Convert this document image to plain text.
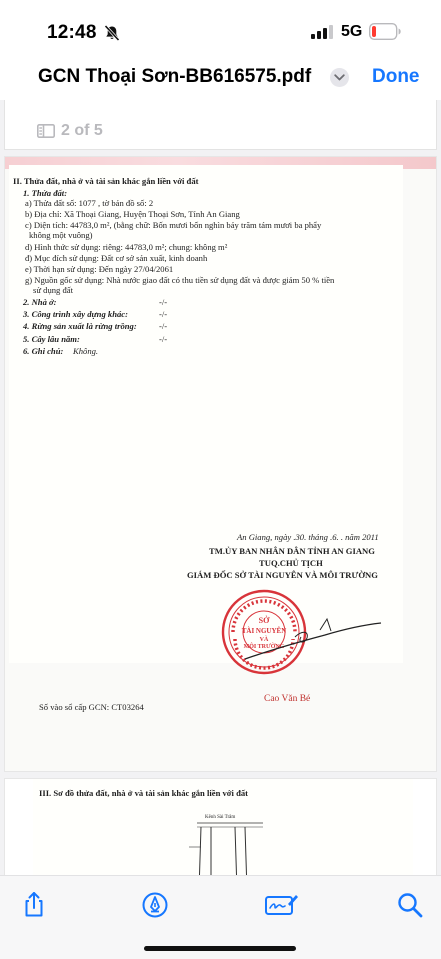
12:48	5G
GCN Thoại Sơn-BB616575.pdf	Done
2 of 5
II. Thửa đất, nhà ở và tài sản khác gắn liền với đất
1. Thửa đất:
a) Thửa đất số: 1077 , tờ bản đồ số: 2
b) Địa chỉ: Xã Thoại Giang, Huyện Thoại Sơn, Tỉnh An Giang
c) Diện tích: 44783,0 m², (bằng chữ: Bốn mươi bốn nghìn bảy trăm tám mươi ba phẩy
không một vuông)
d) Hình thức sử dụng: riêng: 44783,0 m²; chung: không m²
đ) Mục đích sử dụng: Đất cơ sở sản xuất, kinh doanh
e) Thời hạn sử dụng: Đến ngày 27/04/2061
g) Nguồn gốc sử dụng: Nhà nước giao đất có thu tiền sử dụng đất và được giảm 50 % tiền
sử dụng đất
2. Nhà ở:	-/-
3. Công trình xây dựng khác:	-/-
4. Rừng sản xuất là rừng trồng:	-/-
5. Cây lâu năm:	-/-
6. Ghi chú: Không.
An Giang, ngày .30. tháng .6. . năm 2011
TM.ỦY BAN NHÂN DÂN TỈNH AN GIANG
TUQ.CHỦ TỊCH
GIÁM ĐỐC SỞ TÀI NGUYÊN VÀ MÔI TRƯỜNG
Cao Văn Bé
Số vào sổ cấp GCN: CT03264
SỞ
TÀI NGUYÊN
VÀ
MÔI TRƯỜNG
III. Sơ đồ thửa đất, nhà ở và tài sản khác gắn liền với đất
Kênh Sài Trâm
